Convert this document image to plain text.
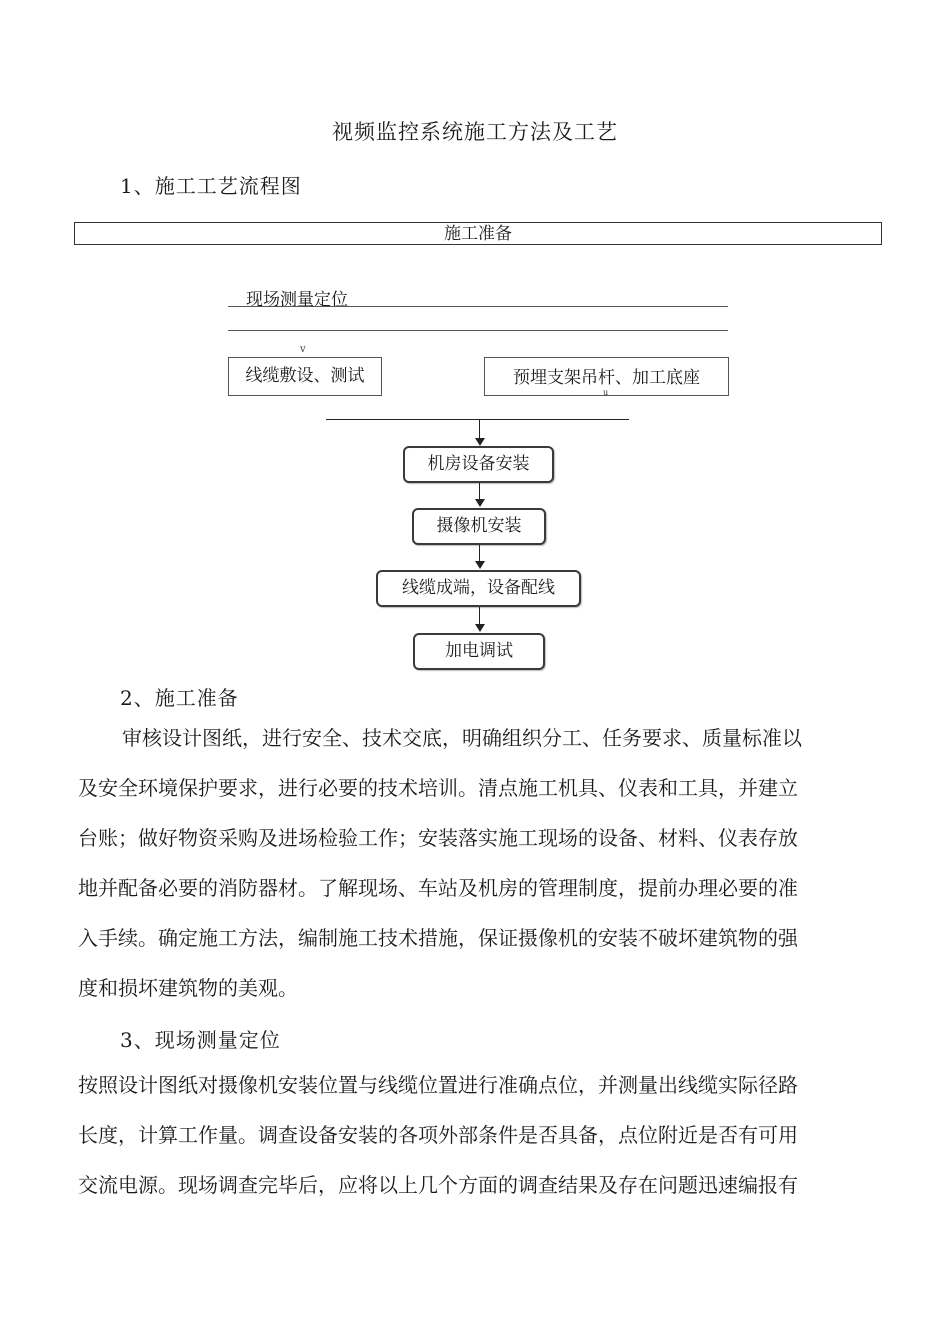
视频监控系统施工方法及工艺
1、施工工艺流程图
施工准备
现场测量定位
v
线缆敷设、测试	预埋支架吊杆、加工底座
u
机房设备安装
摄像机安装
线缆成端，设备配线
加电调试
2、施工准备
审核设计图纸，进行安全、技术交底，明确组织分工、任务要求、质量标准以
及安全环境保护要求，进行必要的技术培训。清点施工机具、仪表和工具，并建立
台账；做好物资采购及进场检验工作；安装落实施工现场的设备、材料、仪表存放
地并配备必要的消防器材。了解现场、车站及机房的管理制度，提前办理必要的准
入手续。确定施工方法，编制施工技术措施，保证摄像机的安装不破坏建筑物的强
度和损坏建筑物的美观。
3、现场测量定位
按照设计图纸对摄像机安装位置与线缆位置进行准确点位，并测量出线缆实际径路
长度，计算工作量。调查设备安装的各项外部条件是否具备，点位附近是否有可用
交流电源。现场调查完毕后，应将以上几个方面的调查结果及存在问题迅速编报有
